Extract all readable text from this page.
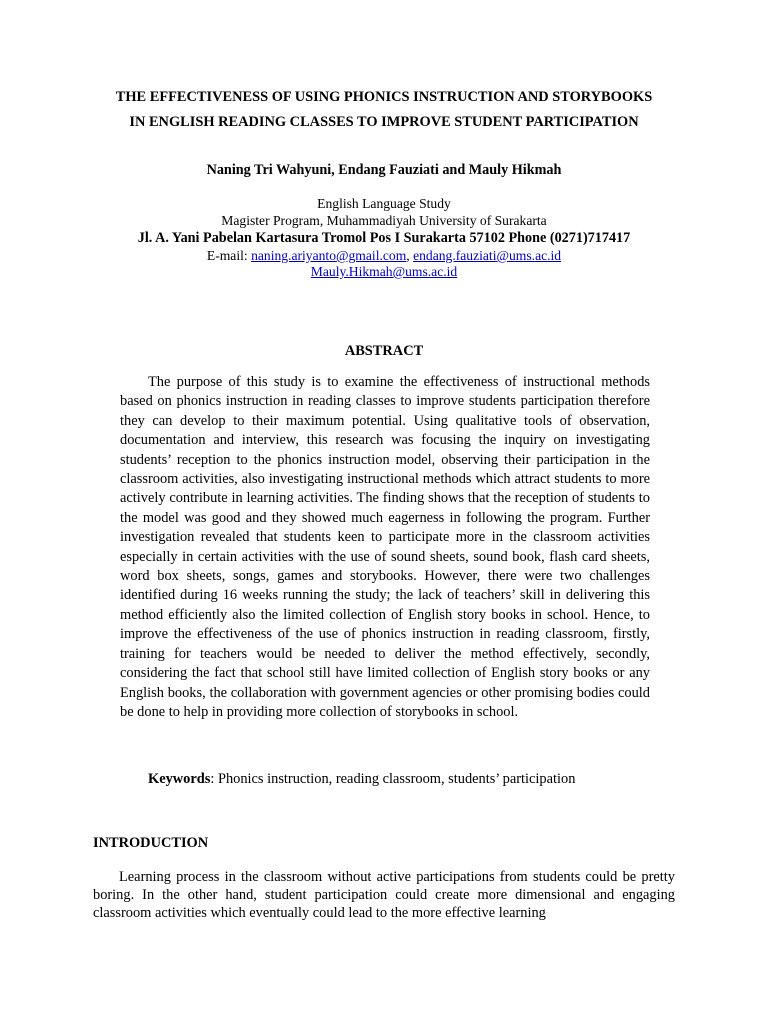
THE EFFECTIVENESS OF USING PHONICS INSTRUCTION AND STORYBOOKS
IN ENGLISH READING CLASSES TO IMPROVE STUDENT PARTICIPATION
Naning Tri Wahyuni, Endang Fauziati and Mauly Hikmah
English Language Study
Magister Program, Muhammadiyah University of Surakarta
Jl. A. Yani Pabelan Kartasura Tromol Pos I Surakarta 57102 Phone (0271)717417
E-mail: naning.ariyanto@gmail.com, endang.fauziati@ums.ac.id
Mauly.Hikmah@ums.ac.id
ABSTRACT

The purpose of this study is to examine the effectiveness of instructional methods based on phonics instruction in reading classes to improve students participation therefore they can develop to their maximum potential. Using qualitative tools of observation, documentation and interview, this research was focusing the inquiry on investigating students’ reception to the phonics instruction model, observing their participation in the classroom activities, also investigating instructional methods which attract students to more actively contribute in learning activities. The finding shows that the reception of students to the model was good and they showed much eagerness in following the program. Further investigation revealed that students keen to participate more in the classroom activities especially in certain activities with the use of sound sheets, sound book, flash card sheets, word box sheets, songs, games and storybooks. However, there were two challenges identified during 16 weeks running the study; the lack of teachers’ skill in delivering this method efficiently also the limited collection of English story books in school. Hence, to improve the effectiveness of the use of phonics instruction in reading classroom, firstly, training for teachers would be needed to deliver the method effectively, secondly, considering the fact that school still have limited collection of English story books or any English books, the collaboration with government agencies or other promising bodies could be done to help in providing more collection of storybooks in school.

Keywords: Phonics instruction, reading classroom, students’ participation
INTRODUCTION

Learning process in the classroom without active participations from students could be pretty boring. In the other hand, student participation could create more dimensional and engaging classroom activities which eventually could lead to the more effective learning
